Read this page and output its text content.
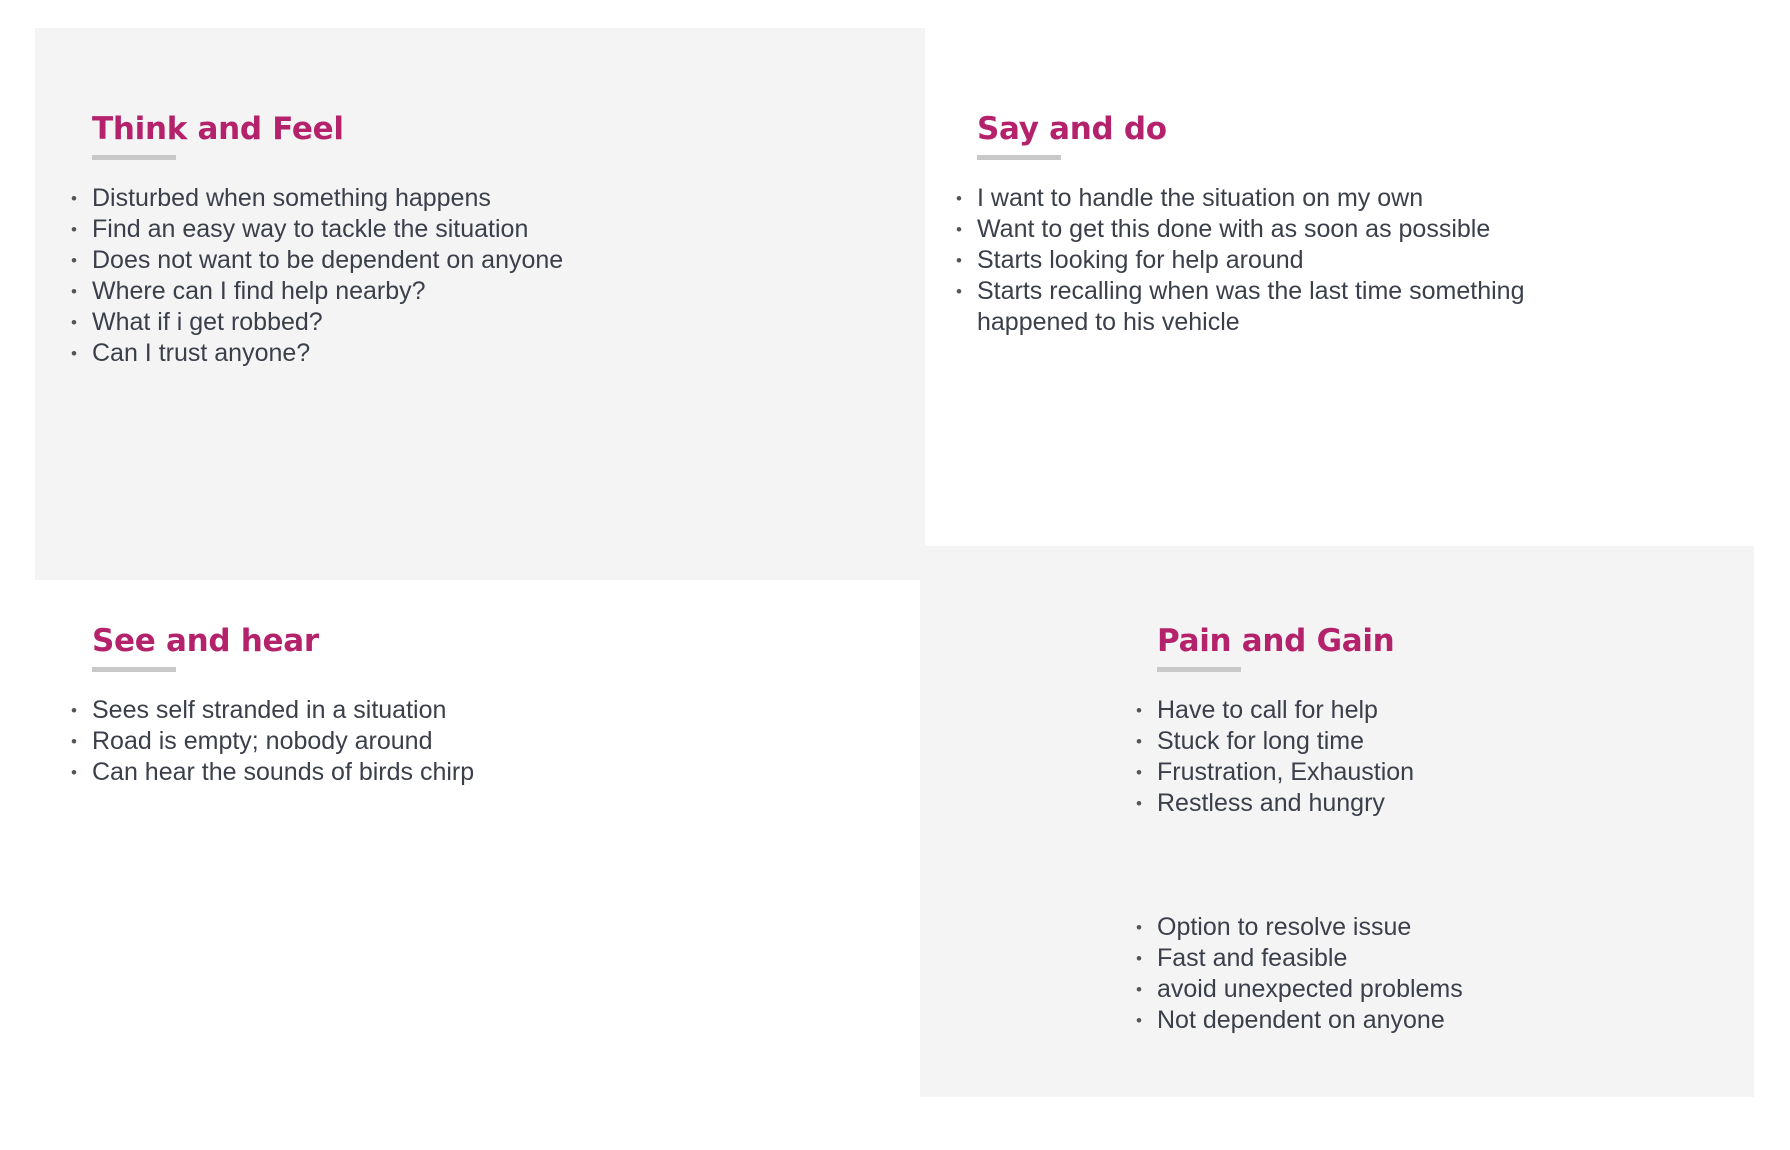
Think and Feel
• Disturbed when something happens
• Find an easy way to tackle the situation
• Does not want to be dependent on anyone
• Where can I find help nearby?
• What if i get robbed?
• Can I trust anyone?
Say and do
• I want to handle the situation on my own
• Want to get this done with as soon as possible
• Starts looking for help around
• Starts recalling when was the last time something happened to his vehicle
See and hear
• Sees self stranded in a situation
• Road is empty; nobody around
• Can hear the sounds of birds chirp
Pain and Gain
• Have to call for help
• Stuck for long time
• Frustration, Exhaustion
• Restless and hungry
• Option to resolve issue
• Fast and feasible
• avoid unexpected problems
• Not dependent on anyone
